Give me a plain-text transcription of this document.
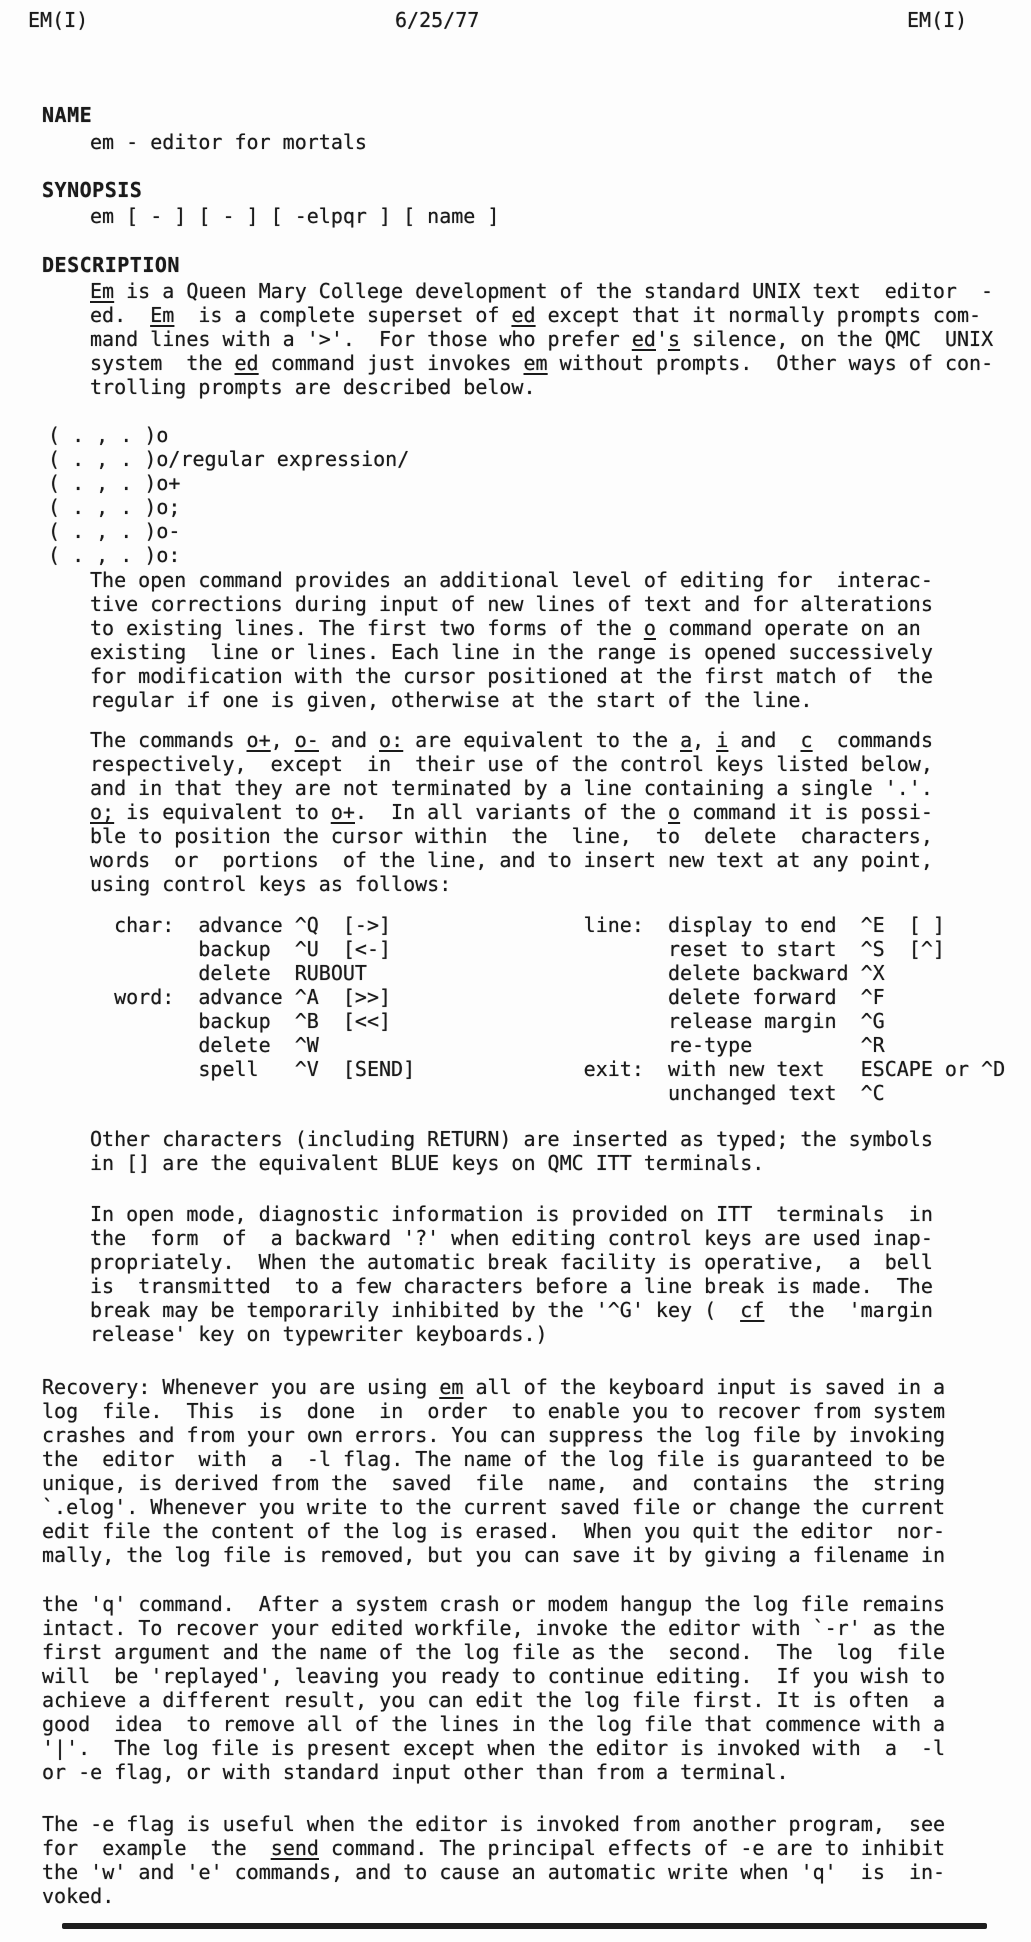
EM(I)	6/25/77	EM(I)
NAME
em - editor for mortals
SYNOPSIS
em [ - ] [ - ] [ -elpqr ] [ name ]
DESCRIPTION
Em is a Queen Mary College development of the standard UNIX text  editor  -
ed.  Em  is a complete superset of ed except that it normally prompts com-
mand lines with a '>'.  For those who prefer ed's silence, on the QMC  UNIX
system  the ed command just invokes em without prompts.  Other ways of con-
trolling prompts are described below.
( . , . )o
( . , . )o/regular expression/
( . , . )o+
( . , . )o;
( . , . )o-
( . , . )o:
The open command provides an additional level of editing for  interac-
tive corrections during input of new lines of text and for alterations
to existing lines. The first two forms of the o command operate on an
existing  line or lines. Each line in the range is opened successively
for modification with the cursor positioned at the first match of  the
regular if one is given, otherwise at the start of the line.
The commands o+, o- and o: are equivalent to the a, i and  c  commands
respectively,  except  in  their use of the control keys listed below,
and in that they are not terminated by a line containing a single '.'.
o; is equivalent to o+.  In all variants of the o command it is possi-
ble to position the cursor within  the  line,  to  delete  characters,
words  or  portions  of the line, and to insert new text at any point,
using control keys as follows:
char:  advance ^Q  [->]                line:  display to end  ^E  [ ]
backup  ^U  [<-]                       reset to start  ^S  [^]
delete  RUBOUT                         delete backward ^X
word:  advance ^A  [>>]                       delete forward  ^F
backup  ^B  [<<]                       release margin  ^G
delete  ^W                             re-type         ^R
spell   ^V  [SEND]              exit:  with new text   ESCAPE or ^D
unchanged text  ^C
Other characters (including RETURN) are inserted as typed; the symbols
in [] are the equivalent BLUE keys on QMC ITT terminals.
In open mode, diagnostic information is provided on ITT  terminals  in
the  form  of  a backward '?' when editing control keys are used inap-
propriately.  When the automatic break facility is operative,  a  bell
is  transmitted  to a few characters before a line break is made.  The
break may be temporarily inhibited by the '^G' key (  cf  the  'margin
release' key on typewriter keyboards.)
Recovery: Whenever you are using em all of the keyboard input is saved in a
log  file.  This  is  done  in  order  to enable you to recover from system
crashes and from your own errors. You can suppress the log file by invoking
the  editor  with  a  -l flag. The name of the log file is guaranteed to be
unique, is derived from the  saved  file  name,  and  contains  the  string
`.elog'. Whenever you write to the current saved file or change the current
edit file the content of the log is erased.  When you quit the editor  nor-
mally, the log file is removed, but you can save it by giving a filename in
the 'q' command.  After a system crash or modem hangup the log file remains
intact. To recover your edited workfile, invoke the editor with `-r' as the
first argument and the name of the log file as the  second.  The  log  file
will  be 'replayed', leaving you ready to continue editing.  If you wish to
achieve a different result, you can edit the log file first. It is often  a
good  idea  to remove all of the lines in the log file that commence with a
'|'.  The log file is present except when the editor is invoked with  a  -l
or -e flag, or with standard input other than from a terminal.
The -e flag is useful when the editor is invoked from another program,  see
for  example  the  send command. The principal effects of -e are to inhibit
the 'w' and 'e' commands, and to cause an automatic write when 'q'  is  in-
voked.
